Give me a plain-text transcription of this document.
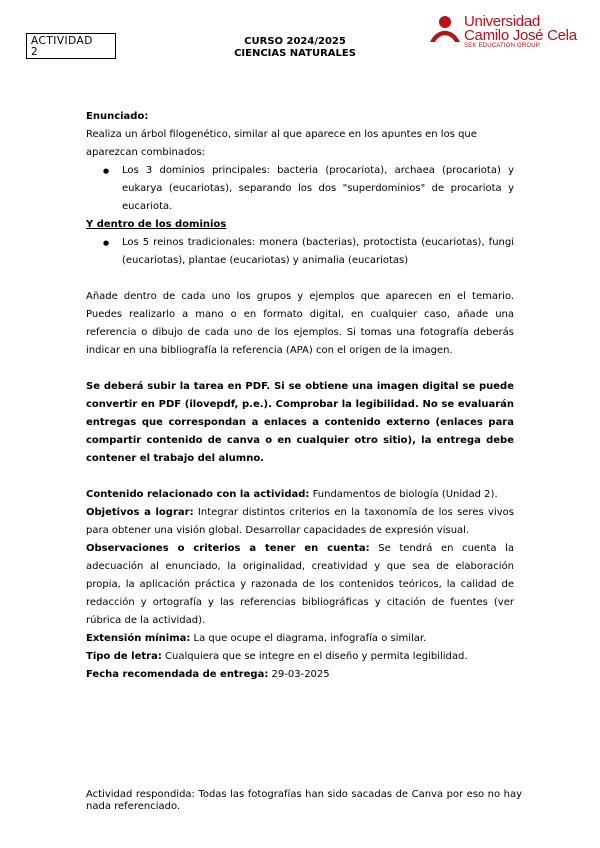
ACTIVIDAD
2
CURSO 2024/2025
CIENCIAS NATURALES
Universidad
Camilo José Cela
SEK EDUCATION GROUP

Enunciado:

Realiza un árbol filogenético, similar al que aparece en los apuntes en los que aparezcan combinados:

● Los 3 dominios principales: bacteria (procariota), archaea (procariota) y eukarya (eucariotas), separando los dos "superdominios" de procariota y eucariota.

Y dentro de los dominios

● Los 5 reinos tradicionales: monera (bacterias), protoctista (eucariotas), fungi (eucariotas), plantae (eucariotas) y animalia (eucariotas)

Añade dentro de cada uno los grupos y ejemplos que aparecen en el temario. Puedes realizarlo a mano o en formato digital, en cualquier caso, añade una referencia o dibujo de cada uno de los ejemplos. Si tomas una fotografía deberás indicar en una bibliografía la referencia (APA) con el origen de la imagen.

Se deberá subir la tarea en PDF. Si se obtiene una imagen digital se puede convertir en PDF (ilovepdf, p.e.). Comprobar la legibilidad. No se evaluarán entregas que correspondan a enlaces a contenido externo (enlaces para compartir contenido de canva o en cualquier otro sitio), la entrega debe contener el trabajo del alumno.

Contenido relacionado con la actividad: Fundamentos de biología (Unidad 2).

Objetivos a lograr: Integrar distintos criterios en la taxonomía de los seres vivos para obtener una visión global. Desarrollar capacidades de expresión visual.

Observaciones o criterios a tener en cuenta: Se tendrá en cuenta la adecuación al enunciado, la originalidad, creatividad y que sea de elaboración propia, la aplicación práctica y razonada de los contenidos teóricos, la calidad de redacción y ortografía y las referencias bibliográficas y citación de fuentes (ver rúbrica de la actividad).

Extensión mínima: La que ocupe el diagrama, infografía o similar.

Tipo de letra: Cualquiera que se integre en el diseño y permita legibilidad.

Fecha recomendada de entrega: 29-03-2025

Actividad respondida: Todas las fotografías han sido sacadas de Canva por eso no hay nada referenciado.
